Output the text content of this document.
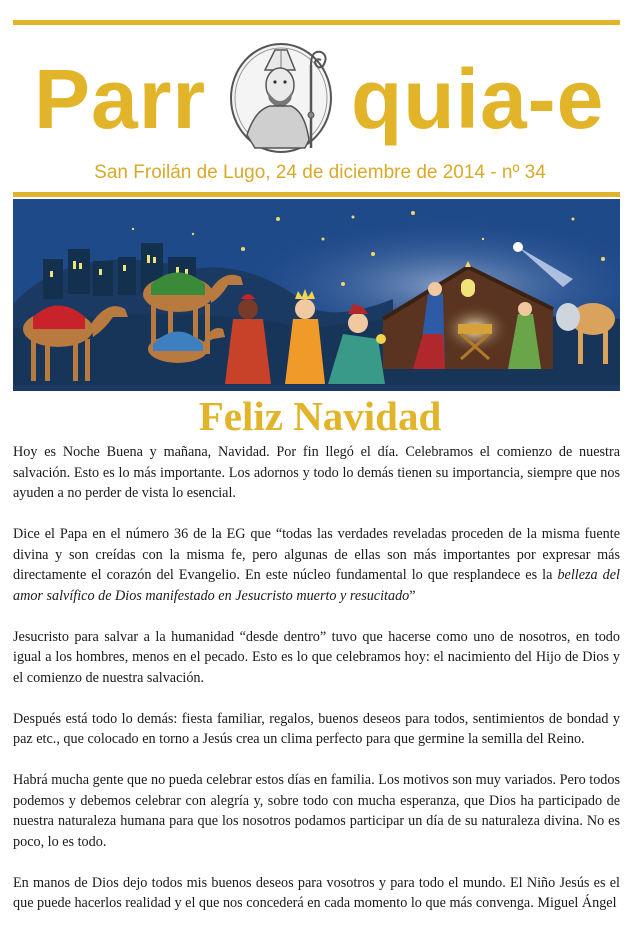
Parr quia-e
San Froilán de Lugo, 24 de diciembre de 2014 - nº 34
Feliz Navidad

Hoy es Noche Buena y mañana, Navidad. Por fin llegó el día. Celebramos el comienzo de nuestra salvación. Esto es lo más importante. Los adornos y todo lo demás tienen su importancia, siempre que nos ayuden a no perder de vista lo esencial.

Dice el Papa en el número 36 de la EG que “todas las verdades reveladas proceden de la misma fuente divina y son creídas con la misma fe, pero algunas de ellas son más importantes por expresar más directamente el corazón del Evangelio. En este núcleo fundamental lo que resplandece es la belleza del amor salvífico de Dios manifestado en Jesucristo muerto y resucitado”

Jesucristo para salvar a la humanidad “desde dentro” tuvo que hacerse como uno de nosotros, en todo igual a los hombres, menos en el pecado. Esto es lo que celebramos hoy: el nacimiento del Hijo de Dios y el comienzo de nuestra salvación.

Después está todo lo demás: fiesta familiar, regalos, buenos deseos para todos, sentimientos de bondad y paz etc., que colocado en torno a Jesús crea un clima perfecto para que germine la semilla del Reino.

Habrá mucha gente que no pueda celebrar estos días en familia. Los motivos son muy variados. Pero todos podemos y debemos celebrar con alegría y, sobre todo con mucha esperanza, que Dios ha participado de nuestra naturaleza humana para que los nosotros podamos participar un día de su naturaleza divina. No es poco, lo es todo.

En manos de Dios dejo todos mis buenos deseos para vosotros y para todo el mundo. El Niño Jesús es el que puede hacerlos realidad y el que nos concederá en cada momento lo que más convenga. Miguel Ángel
